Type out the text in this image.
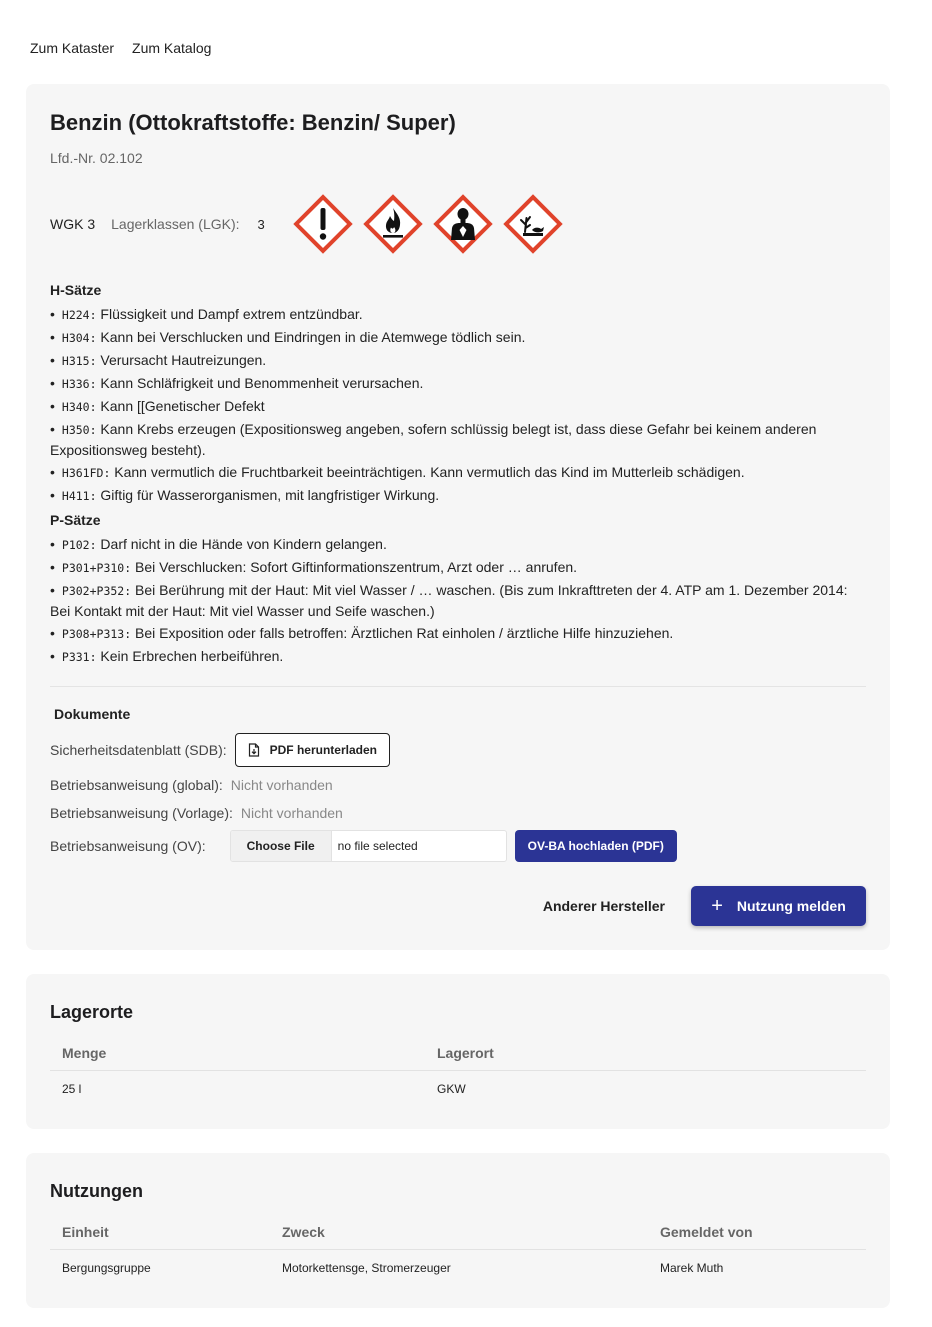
Zum Kataster Zum Katalog
Benzin (Ottokraftstoffe: Benzin/ Super)
Lfd.-Nr. 02.102
WGK 3 Lagerklassen (LGK): 3
H-Sätze
• H224: Flüssigkeit und Dampf extrem entzündbar.
• H304: Kann bei Verschlucken und Eindringen in die Atemwege tödlich sein.
• H315: Verursacht Hautreizungen.
• H336: Kann Schläfrigkeit und Benommenheit verursachen.
• H340: Kann [[Genetischer Defekt
• H350: Kann Krebs erzeugen (Expositionsweg angeben, sofern schlüssig belegt ist, dass diese Gefahr bei keinem anderen Expositionsweg besteht).
• H361FD: Kann vermutlich die Fruchtbarkeit beeinträchtigen. Kann vermutlich das Kind im Mutterleib schädigen.
• H411: Giftig für Wasserorganismen, mit langfristiger Wirkung.
P-Sätze
• P102: Darf nicht in die Hände von Kindern gelangen.
• P301+P310: Bei Verschlucken: Sofort Giftinformationszentrum, Arzt oder … anrufen.
• P302+P352: Bei Berührung mit der Haut: Mit viel Wasser / … waschen. (Bis zum Inkrafttreten der 4. ATP am 1. Dezember 2014: Bei Kontakt mit der Haut: Mit viel Wasser und Seife waschen.)
• P308+P313: Bei Exposition oder falls betroffen: Ärztlichen Rat einholen / ärztliche Hilfe hinzuziehen.
• P331: Kein Erbrechen herbeiführen.
Dokumente
Sicherheitsdatenblatt (SDB):	PDF herunterladen
Betriebsanweisung (global): Nicht vorhanden
Betriebsanweisung (Vorlage): Nicht vorhanden
Betriebsanweisung (OV):	Choose File	no file selected	OV-BA hochladen (PDF)
Anderer Hersteller + Nutzung melden
Lagerorte
Menge	Lagerort
25 l	GKW
Nutzungen
Einheit	Zweck	Gemeldet von
Bergungsgruppe	Motorkettensge, Stromerzeuger	Marek Muth
